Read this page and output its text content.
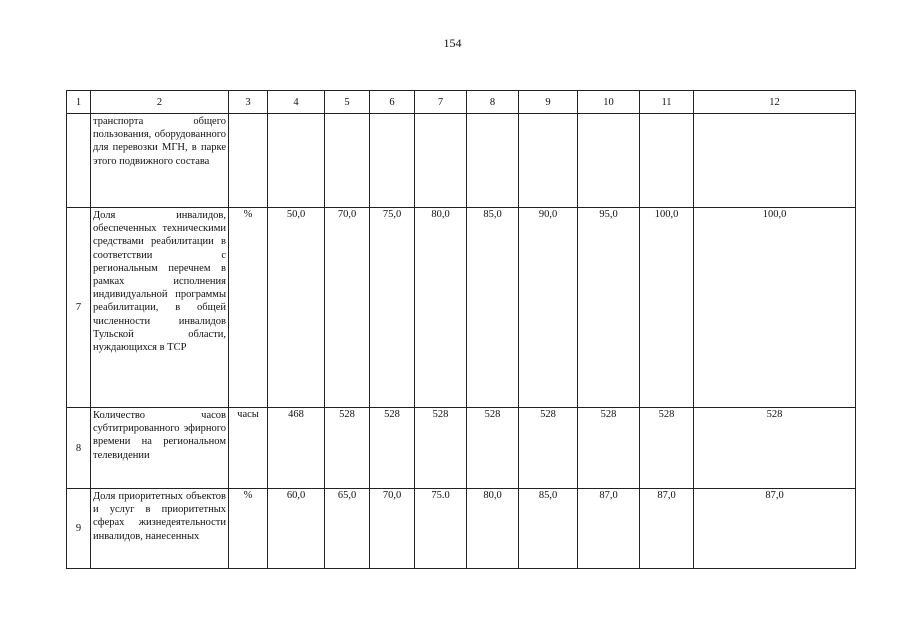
154
1	2	3	4	5	6	7	8	9	10	11	12
	транспорта общего пользования, оборудованного для перевозки МГН, в парке этого подвижного состава										
7	Доля инвалидов, обеспеченных техническими средствами реабилитации в соответствии с региональным перечнем в рамках исполнения индивидуальной программы реабилитации, в общей численности инвалидов Тульской области, нуждающихся в ТСР	%	50,0	70,0	75,0	80,0	85,0	90,0	95,0	100,0	100,0
8	Количество часов субтитрированного эфирного времени на региональном телевидении	часы	468	528	528	528	528	528	528	528	528
9	Доля приоритетных объектов и услуг в приоритетных сферах жизнедеятельности инвалидов, нанесенных	%	60,0	65,0	70,0	75.0	80,0	85,0	87,0	87,0	87,0
